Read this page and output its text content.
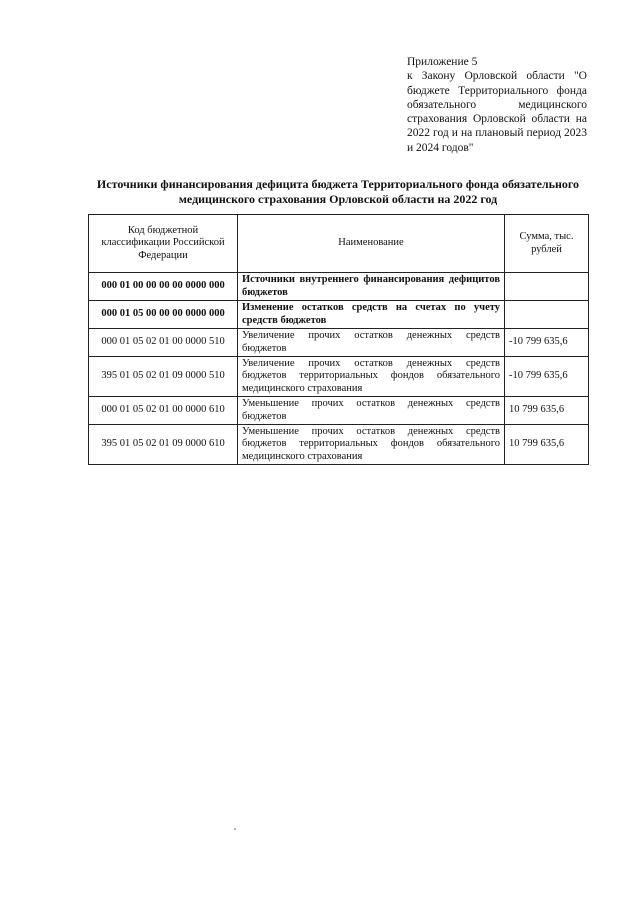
Приложение 5
к Закону Орловской области "О бюджете Территориального фонда обязательного медицинского страхования Орловской области на 2022 год и на плановый период 2023 и 2024 годов"
Источники финансирования дефицита бюджета Территориального фонда обязательного медицинского страхования Орловской области на 2022 год
Код бюджетной классификации Российской Федерации	Наименование	Сумма, тыс. рублей
000 01 00 00 00 00 0000 000	Источники внутреннего финансирования дефицитов бюджетов	
000 01 05 00 00 00 0000 000	Изменение остатков средств на счетах по учету средств бюджетов	
000 01 05 02 01 00 0000 510	Увеличение прочих остатков денежных средств бюджетов	-10 799 635,6
395 01 05 02 01 09 0000 510	Увеличение прочих остатков денежных средств бюджетов территориальных фондов обязательного медицинского страхования	-10 799 635,6
000 01 05 02 01 00 0000 610	Уменьшение прочих остатков денежных средств бюджетов	10 799 635,6
395 01 05 02 01 09 0000 610	Уменьшение прочих остатков денежных средств бюджетов территориальных фондов обязательного медицинского страхования	10 799 635,6
